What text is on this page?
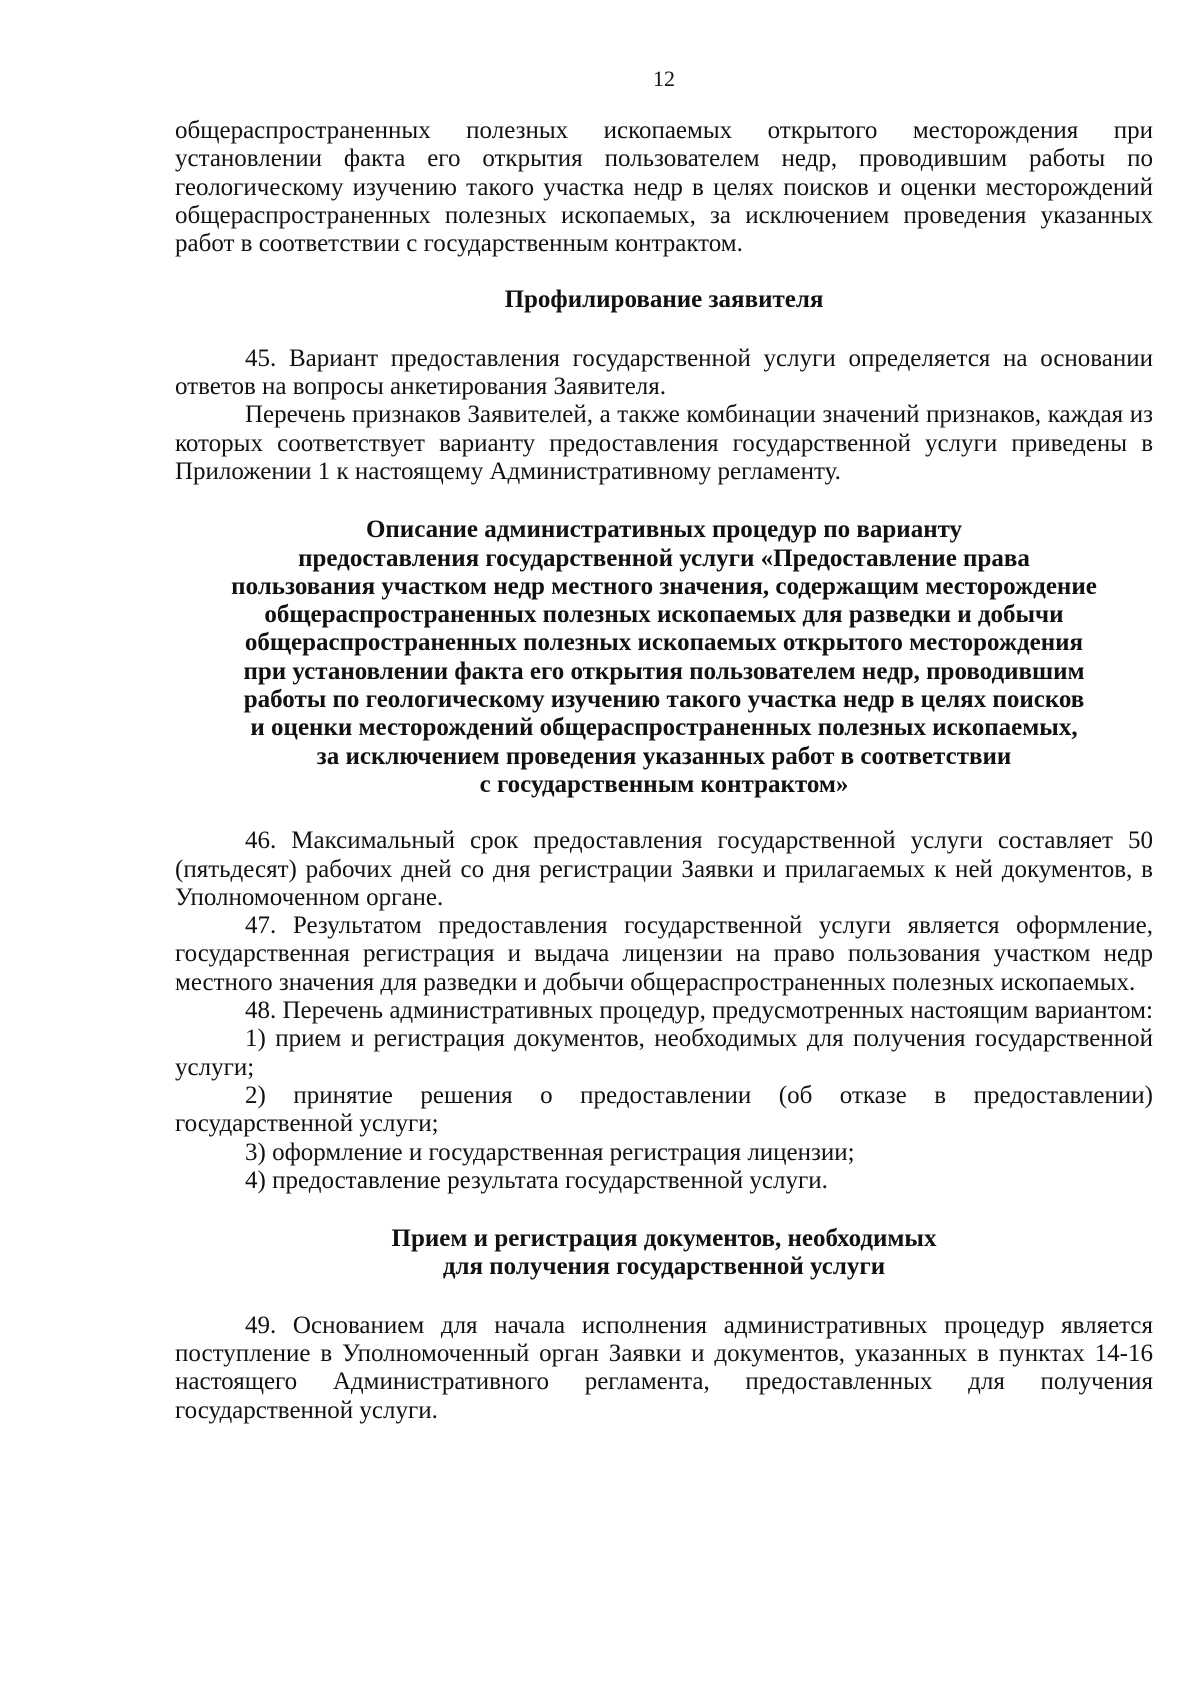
12

общераспространенных полезных ископаемых открытого месторождения при установлении факта его открытия пользователем недр, проводившим работы по геологическому изучению такого участка недр в целях поисков и оценки месторождений общераспространенных полезных ископаемых, за исключением проведения указанных работ в соответствии с государственным контрактом.

Профилирование заявителя

45. Вариант предоставления государственной услуги определяется на основании ответов на вопросы анкетирования Заявителя.

Перечень признаков Заявителей, а также комбинации значений признаков, каждая из которых соответствует варианту предоставления государственной услуги приведены в Приложении 1 к настоящему Административному регламенту.

Описание административных процедур по варианту
предоставления государственной услуги «Предоставление права
пользования участком недр местного значения, содержащим месторождение
общераспространенных полезных ископаемых для разведки и добычи
общераспространенных полезных ископаемых открытого месторождения
при установлении факта его открытия пользователем недр, проводившим
работы по геологическому изучению такого участка недр в целях поисков
и оценки месторождений общераспространенных полезных ископаемых,
за исключением проведения указанных работ в соответствии
с государственным контрактом»

46. Максимальный срок предоставления государственной услуги составляет 50 (пятьдесят) рабочих дней со дня регистрации Заявки и прилагаемых к ней документов, в Уполномоченном органе.

47. Результатом предоставления государственной услуги является оформление, государственная регистрация и выдача лицензии на право пользования участком недр местного значения для разведки и добычи общераспространенных полезных ископаемых.

48. Перечень административных процедур, предусмотренных настоящим вариантом:

1) прием и регистрация документов, необходимых для получения государственной услуги;

2) принятие решения о предоставлении (об отказе в предоставлении) государственной услуги;

3) оформление и государственная регистрация лицензии;

4) предоставление результата государственной услуги.

Прием и регистрация документов, необходимых
для получения государственной услуги

49. Основанием для начала исполнения административных процедур является поступление в Уполномоченный орган Заявки и документов, указанных в пунктах 14-16 настоящего Административного регламента, предоставленных для получения государственной услуги.
